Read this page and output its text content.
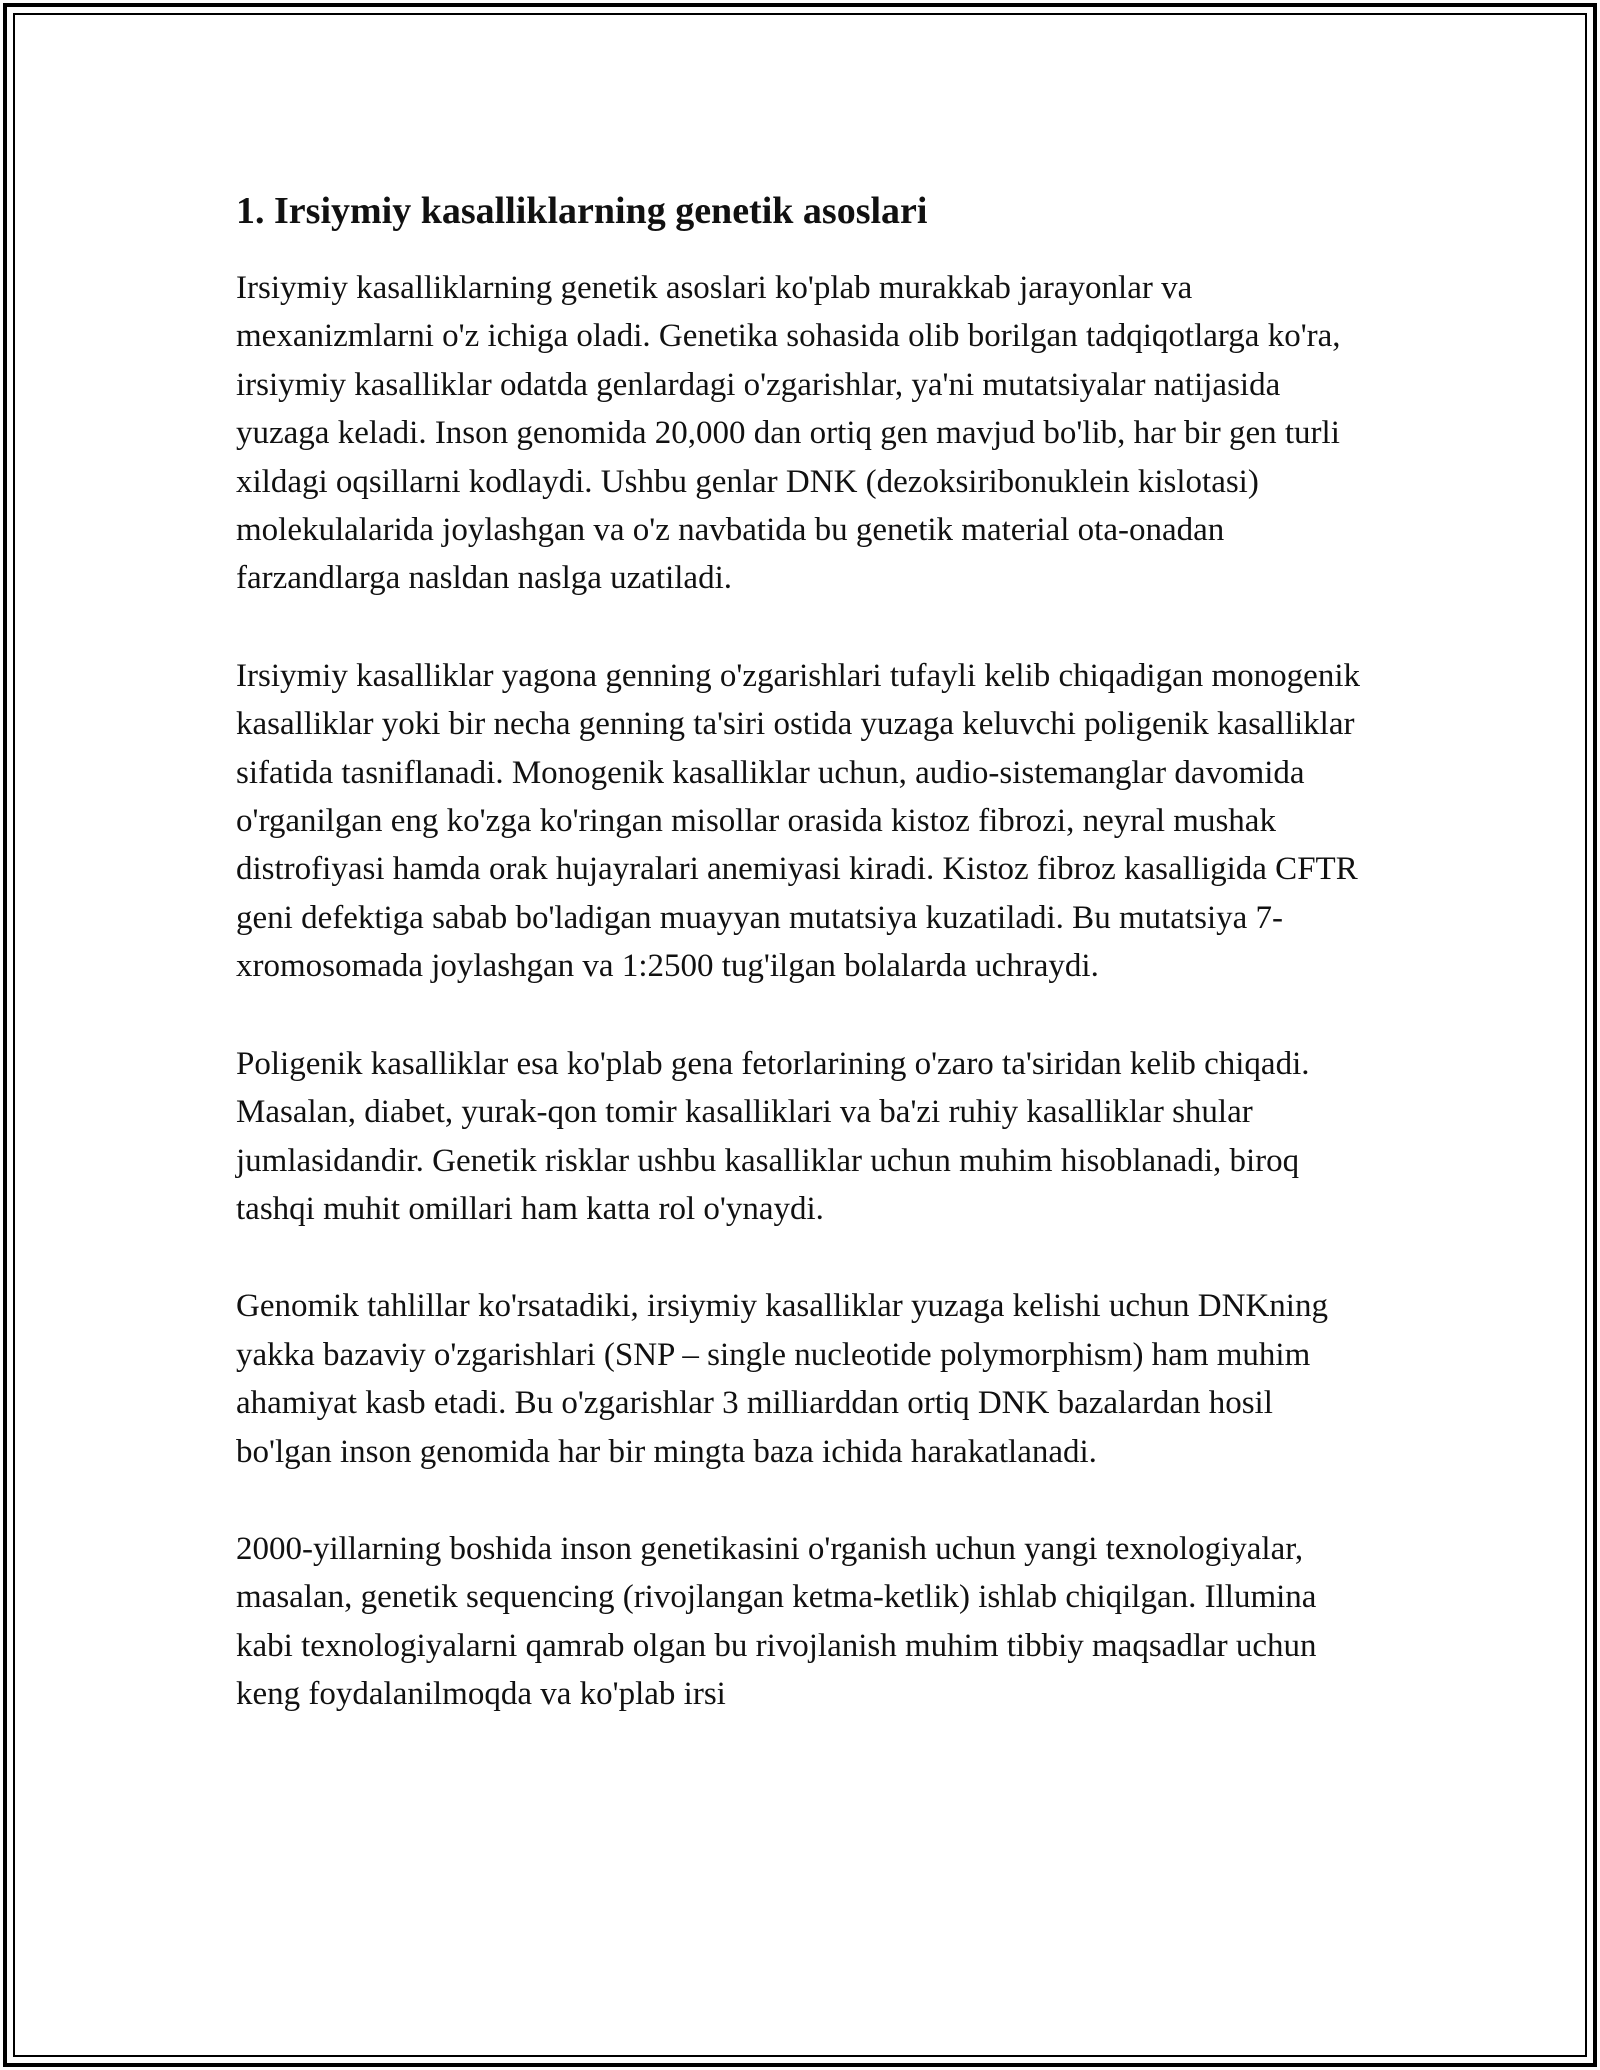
1. Irsiymiy kasalliklarning genetik asoslari

Irsiymiy kasalliklarning genetik asoslari ko'plab murakkab jarayonlar va mexanizmlarni o'z ichiga oladi. Genetika sohasida olib borilgan tadqiqotlarga ko'ra, irsiymiy kasalliklar odatda genlardagi o'zgarishlar, ya'ni mutatsiyalar natijasida yuzaga keladi. Inson genomida 20,000 dan ortiq gen mavjud bo'lib, har bir gen turli xildagi oqsillarni kodlaydi. Ushbu genlar DNK (dezoksiribonuklein kislotasi) molekulalarida joylashgan va o'z navbatida bu genetik material ota-onadan farzandlarga nasldan naslga uzatiladi.

Irsiymiy kasalliklar yagona genning o'zgarishlari tufayli kelib chiqadigan monogenik kasalliklar yoki bir necha genning ta'siri ostida yuzaga keluvchi poligenik kasalliklar sifatida tasniflanadi. Monogenik kasalliklar uchun, audio-sistemanglar davomida o'rganilgan eng ko'zga ko'ringan misollar orasida kistoz fibrozi, neyral mushak distrofiyasi hamda orak hujayralari anemiyasi kiradi. Kistoz fibroz kasalligida CFTR geni defektiga sabab bo'ladigan muayyan mutatsiya kuzatiladi. Bu mutatsiya 7-xromosomada joylashgan va 1:2500 tug'ilgan bolalarda uchraydi.

Poligenik kasalliklar esa ko'plab gena fetorlarining o'zaro ta'siridan kelib chiqadi. Masalan, diabet, yurak-qon tomir kasalliklari va ba'zi ruhiy kasalliklar shular jumlasidandir. Genetik risklar ushbu kasalliklar uchun muhim hisoblanadi, biroq tashqi muhit omillari ham katta rol o'ynaydi.

Genomik tahlillar ko'rsatadiki, irsiymiy kasalliklar yuzaga kelishi uchun DNKning yakka bazaviy o'zgarishlari (SNP – single nucleotide polymorphism) ham muhim ahamiyat kasb etadi. Bu o'zgarishlar 3 milliarddan ortiq DNK bazalardan hosil bo'lgan inson genomida har bir mingta baza ichida harakatlanadi.

2000-yillarning boshida inson genetikasini o'rganish uchun yangi texnologiyalar, masalan, genetik sequencing (rivojlangan ketma-ketlik) ishlab chiqilgan. Illumina kabi texnologiyalarni qamrab olgan bu rivojlanish muhim tibbiy maqsadlar uchun keng foydalanilmoqda va ko'plab irsi
